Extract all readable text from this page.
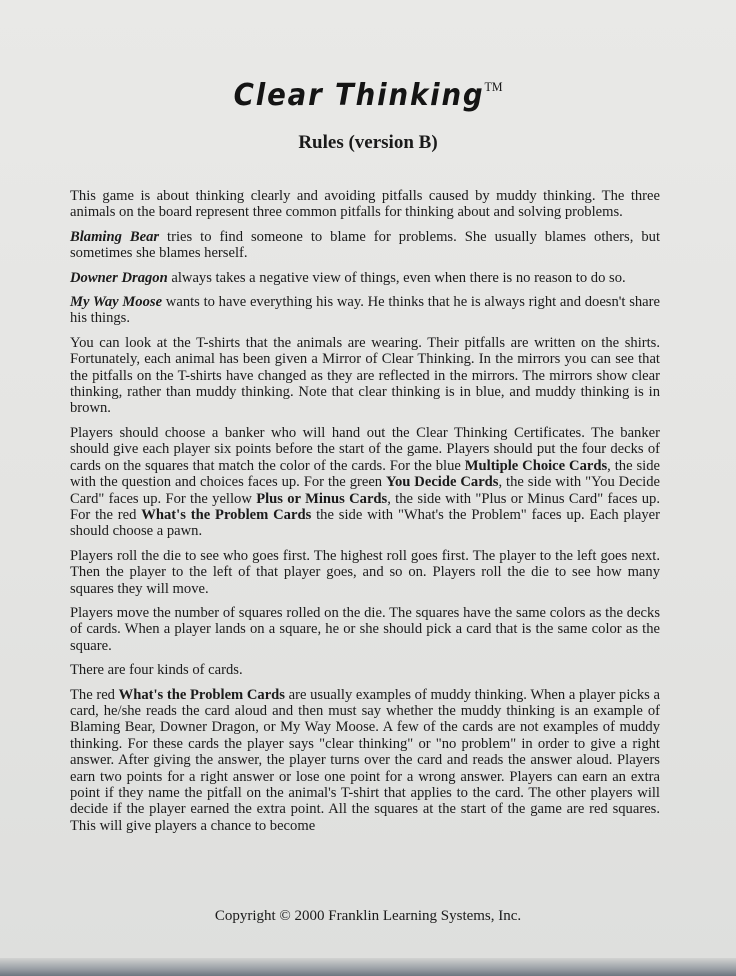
Clear Thinking™
Rules (version B)

This game is about thinking clearly and avoiding pitfalls caused by muddy thinking. The three animals on the board represent three common pitfalls for thinking about and solving problems.

Blaming Bear tries to find someone to blame for problems. She usually blames others, but sometimes she blames herself.

Downer Dragon always takes a negative view of things, even when there is no reason to do so.

My Way Moose wants to have everything his way. He thinks that he is always right and doesn't share his things.

You can look at the T-shirts that the animals are wearing. Their pitfalls are written on the shirts. Fortunately, each animal has been given a Mirror of Clear Thinking. In the mirrors you can see that the pitfalls on the T-shirts have changed as they are reflected in the mirrors. The mirrors show clear thinking, rather than muddy thinking. Note that clear thinking is in blue, and muddy thinking is in brown.

Players should choose a banker who will hand out the Clear Thinking Certificates. The banker should give each player six points before the start of the game. Players should put the four decks of cards on the squares that match the color of the cards. For the blue Multiple Choice Cards, the side with the question and choices faces up. For the green You Decide Cards, the side with "You Decide Card" faces up. For the yellow Plus or Minus Cards, the side with "Plus or Minus Card" faces up. For the red What's the Problem Cards the side with "What's the Problem" faces up. Each player should choose a pawn.

Players roll the die to see who goes first. The highest roll goes first. The player to the left goes next. Then the player to the left of that player goes, and so on. Players roll the die to see how many squares they will move.

Players move the number of squares rolled on the die. The squares have the same colors as the decks of cards. When a player lands on a square, he or she should pick a card that is the same color as the square.

There are four kinds of cards.

The red What's the Problem Cards are usually examples of muddy thinking. When a player picks a card, he/she reads the card aloud and then must say whether the muddy thinking is an example of Blaming Bear, Downer Dragon, or My Way Moose. A few of the cards are not examples of muddy thinking. For these cards the player says "clear thinking" or "no problem" in order to give a right answer. After giving the answer, the player turns over the card and reads the answer aloud. Players earn two points for a right answer or lose one point for a wrong answer. Players can earn an extra point if they name the pitfall on the animal's T-shirt that applies to the card. The other players will decide if the player earned the extra point. All the squares at the start of the game are red squares. This will give players a chance to become

Copyright © 2000 Franklin Learning Systems, Inc.
